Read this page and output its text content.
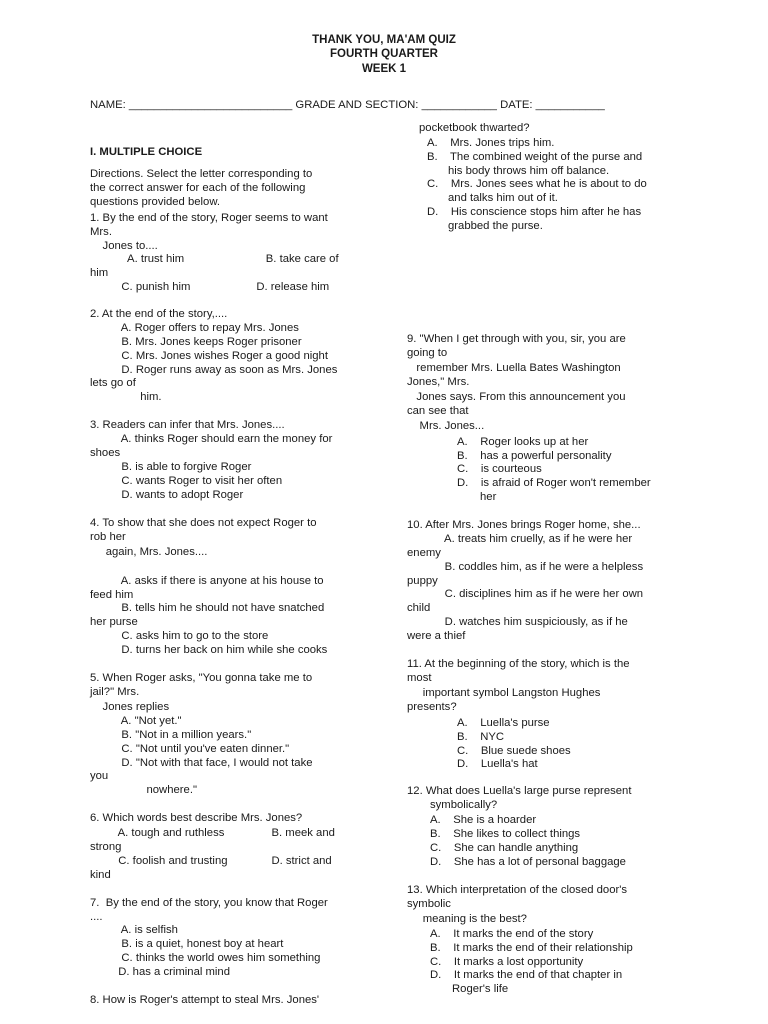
THANK YOU, MA'AM QUIZ
FOURTH QUARTER
WEEK 1
NAME: __________________________ GRADE AND SECTION: ____________ DATE: ___________
I. MULTIPLE CHOICE
Directions. Select the letter corresponding to
the correct answer for each of the following
questions provided below.
1. By the end of the story, Roger seems to want
Mrs.
Jones to....
A. trust him                          B. take care of
him
C. punish him                     D. release him
2. At the end of the story,....
A. Roger offers to repay Mrs. Jones
B. Mrs. Jones keeps Roger prisoner
C. Mrs. Jones wishes Roger a good night
D. Roger runs away as soon as Mrs. Jones
lets go of
him.
3. Readers can infer that Mrs. Jones....
A. thinks Roger should earn the money for
shoes
B. is able to forgive Roger
C. wants Roger to visit her often
D. wants to adopt Roger
4. To show that she does not expect Roger to
rob her
again, Mrs. Jones....
A. asks if there is anyone at his house to
feed him
B. tells him he should not have snatched
her purse
C. asks him to go to the store
D. turns her back on him while she cooks
5. When Roger asks, "You gonna take me to
jail?" Mrs.
Jones replies
A. "Not yet."
B. "Not in a million years."
C. "Not until you've eaten dinner."
D. "Not with that face, I would not take
you
nowhere."
6. Which words best describe Mrs. Jones?
A. tough and ruthless               B. meek and
strong
C. foolish and trusting              D. strict and
kind
7.  By the end of the story, you know that Roger
....
A. is selfish
B. is a quiet, honest boy at heart
C. thinks the world owes him something
D. has a criminal mind
8. How is Roger's attempt to steal Mrs. Jones'
pocketbook thwarted?
A.    Mrs. Jones trips him.
B.    The combined weight of the purse and
his body throws him off balance.
C.    Mrs. Jones sees what he is about to do
and talks him out of it.
D.    His conscience stops him after he has
grabbed the purse.
9. "When I get through with you, sir, you are
going to
remember Mrs. Luella Bates Washington
Jones," Mrs.
Jones says. From this announcement you
can see that
Mrs. Jones...
A.    Roger looks up at her
B.    has a powerful personality
C.    is courteous
D.    is afraid of Roger won't remember
her
10. After Mrs. Jones brings Roger home, she...
A. treats him cruelly, as if he were her
enemy
B. coddles him, as if he were a helpless
puppy
C. disciplines him as if he were her own
child
D. watches him suspiciously, as if he
were a thief
11. At the beginning of the story, which is the
most
important symbol Langston Hughes
presents?
A.    Luella's purse
B.    NYC
C.    Blue suede shoes
D.    Luella's hat
12. What does Luella's large purse represent
symbolically?
A.    She is a hoarder
B.    She likes to collect things
C.    She can handle anything
D.    She has a lot of personal baggage
13. Which interpretation of the closed door's
symbolic
meaning is the best?
A.    It marks the end of the story
B.    It marks the end of their relationship
C.    It marks a lost opportunity
D.    It marks the end of that chapter in
Roger's life
